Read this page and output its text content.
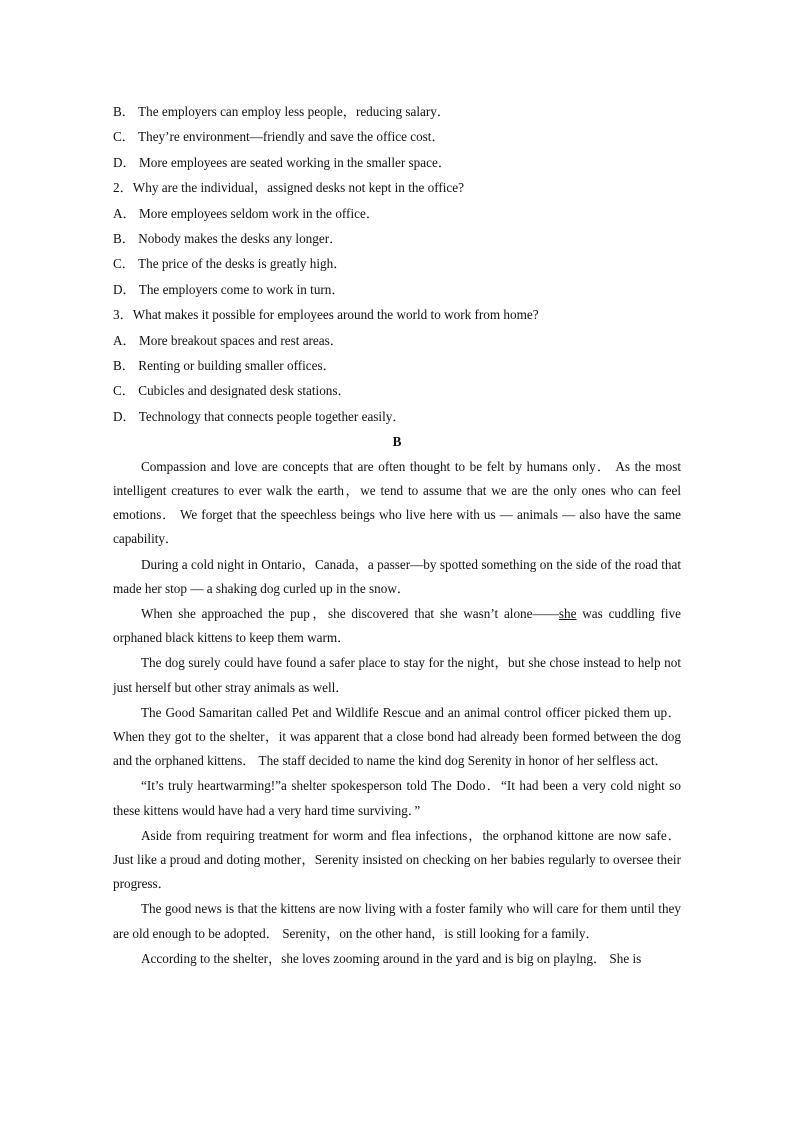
B． The employers can employ less people，reducing salary．

C． They’re environment—friendly and save the office cost．

D． More employees are seated working in the smaller space．

2．Why are the individual，assigned desks not kept in the office?

A． More employees seldom work in the office．

B． Nobody makes the desks any longer．

C． The price of the desks is greatly high．

D． The employers come to work in turn．

3．What makes it possible for employees around the world to work from home?

A． More breakout spaces and rest areas．

B． Renting or building smaller offices．

C． Cubicles and designated desk stations．

D． Technology that connects people together easily．

B

Compassion and love are concepts that are often thought to be felt by humans only． As the most intelligent creatures to ever walk the earth，we tend to assume that we are the only ones who can feel emotions． We forget that the speechless beings who live here with us — animals — also have the same capability．

During a cold night in Ontario，Canada，a passer—by spotted something on the side of the road that made her stop — a shaking dog curled up in the snow．

When she approached the pup，she discovered that she wasn’t alone——she was cuddling five orphaned black kittens to keep them warm．

The dog surely could have found a safer place to stay for the night，but she chose instead to help not just herself but other stray animals as well．

The Good Samaritan called Pet and Wildlife Rescue and an animal control officer picked them up． When they got to the shelter，it was apparent that a close bond had already been formed between the dog and the orphaned kittens． The staff decided to name the kind dog Serenity in honor of her selfless act．

“It’s truly heartwarming!”a shelter spokesperson told The Dodo．“It had been a very cold night so these kittens would have had a very hard time surviving．”

Aside from requiring treatment for worm and flea infections，the orphanod kittone are now safe． Just like a proud and doting mother，Serenity insisted on checking on her babies regularly to oversee their progress．

The good news is that the kittens are now living with a foster family who will care for them until they are old enough to be adopted． Serenity，on the other hand，is still looking for a family．

According to the shelter，she loves zooming around in the yard and is big on playlng． She is
